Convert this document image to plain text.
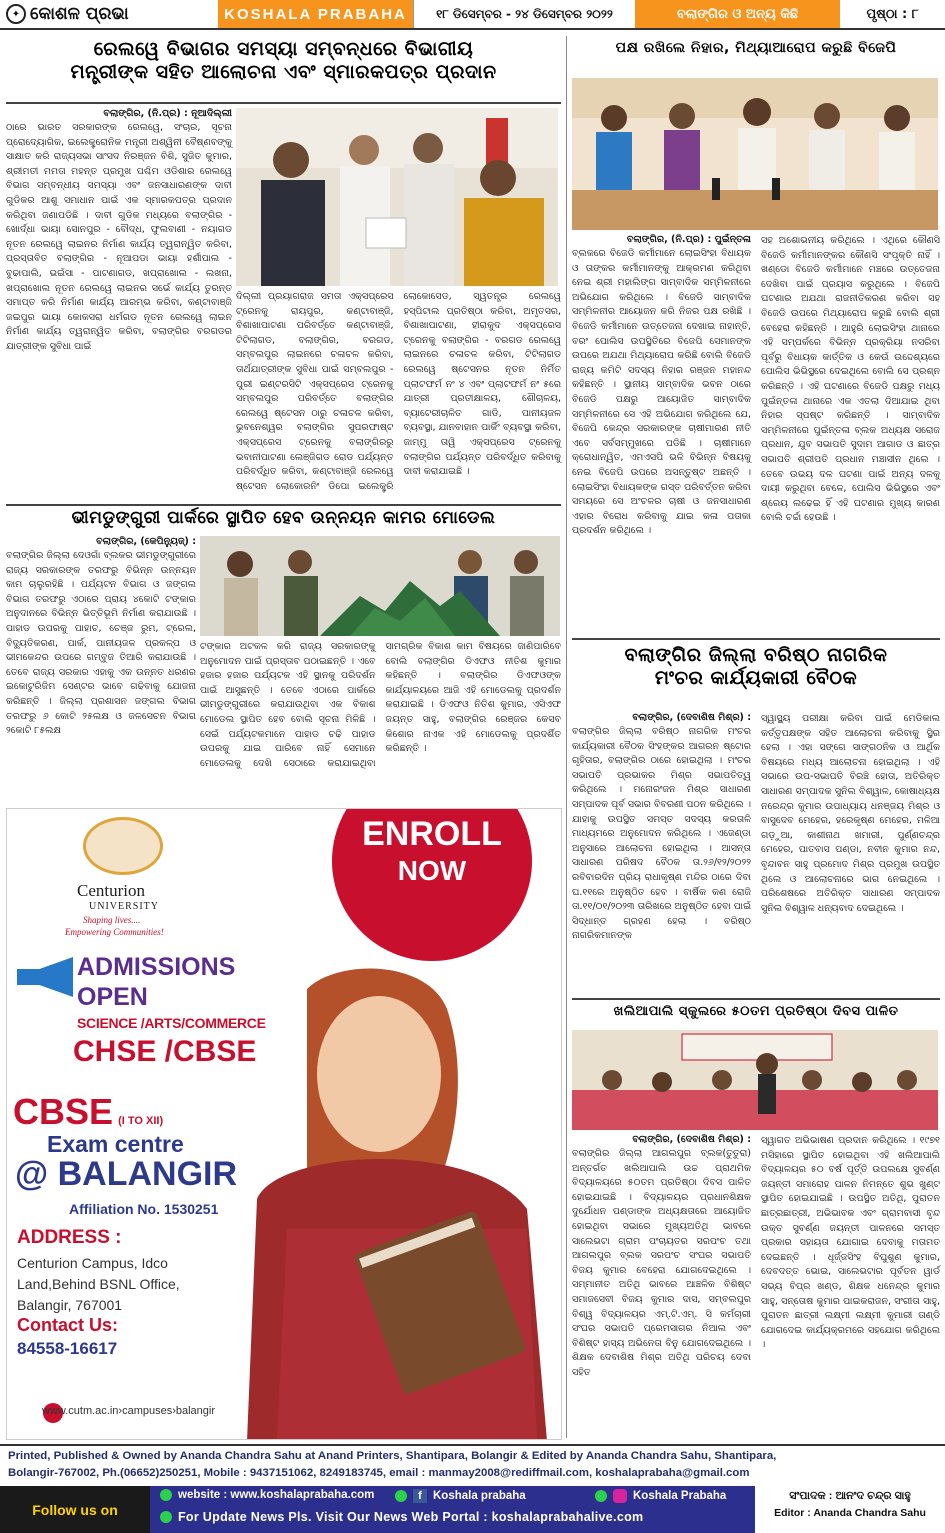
✦ କୋଶଳ ପ୍ରଭା	KOSHALA PRABAHA	୧୮ ଡିସେମ୍ବର - ୨୪ ଡିସେମ୍ବର ୨୦୨୨	ବଲାଙ୍ଗିର ଓ ଅନ୍ୟ କିଛି	ପୃଷ୍ଠା : ୮
ରେଲୱେ ବିଭାଗର ସମସ୍ୟା ସମ୍ବନ୍ଧରେ ବିଭାଗୀୟ
ମନ୍ତ୍ରୀଙ୍କ ସହିତ ଆଲୋଚନା ଏବଂ ସ୍ମାରକପତ୍ର ପ୍ରଦାନ
ବଲାଙ୍ଗିର, (ନି.ପ୍ର) : ନୂଆଦିଲ୍ଲୀ
ଠାରେ ଭାରତ ସରକାରଙ୍କ ରେଲୱେ, ସଂଚାର, ସୂଚନା ପ୍ରୋଦ୍ୟୋଗିକ, ଇଲେକ୍ଟ୍ରୋନିକ ମନ୍ତ୍ରୀ ଅଶ୍ୱିନୀ ବୈଷ୍ଣବଙ୍କୁ ସାକ୍ଷାତ କରି ରାଜ୍ୟସଭା ସାଂସଦ ନିରଞ୍ଜନ ବିଶି, ସୁଜିତ କୁମାର, ଶ୍ରୀମତୀ ମମତା ମହନ୍ତ ପ୍ରମୁଖ ପଶ୍ଚିମ ଓଡିଶାର ରେଲୱେ ବିଭାଗ ସମ୍ବନ୍ଧୀୟ ସମସ୍ୟା ଏବଂ ଜନସାଧାରଣଙ୍କ ଦାବୀ ଗୁଡିକର ଆଶୁ ସମାଧାନ ପାଇଁ ଏକ ସ୍ମାରକପତ୍ର ପ୍ରଦାନ କରିଥିବା ଜଣାପଡିଛି । ଦାବୀ ଗୁଡିକ ମଧ୍ୟରେ ବଲାଙ୍ଗିର - ଖୋର୍ଦ୍ଧା ଭାୟା ସୋନପୁର - ବୌଦ୍ଧ, ଫୁଲବାଣୀ - ନୟାଗଡ ନୂତନ ରେଲୱେ ଲାଇନର ନିର୍ମାଣ କାର୍ଯ୍ୟ ତ୍ୱରାନ୍ୱିତ କରିବା, ପ୍ରସ୍ତାବିତ ବଲାଙ୍ଗିର - ନୂଆପଡା ଭାୟା ହର୍ଶୀପାଲ - ବୁଢାପାଲି, ଭଇଁସା - ପାଟଣାଗଡ, ଖପ୍ରାଖୋଲ - ଲଖନା, ଖପ୍ରାଖୋଲ ନୂତନ ରେଲୱେ ଲାଇନର ସର୍ଭେ କାର୍ଯ୍ୟ ତୁରନ୍ତ ସମାପ୍ତ କରି ନିର୍ମାଣ କାର୍ଯ୍ୟ ଆରମ୍ଭ କରିବା, କଣ୍ଟାବାଞ୍ଜି ଜଇପୁର ଭାୟା କୋକସରା ଧର୍ମଗଡ ନୂତନ ରେଲୱେ ଲାଇନ ନିର୍ମାଣ କାର୍ଯ୍ୟ ତ୍ୱରାନ୍ୱିତ କରିବା, ବଲାଙ୍ଗିର ବରଗଡର ଯାତ୍ରୀଙ୍କ ସୁବିଧା ପାଇଁ
ଦିଲ୍ଲୀ ପ୍ରୟାଗରାଜ ସମତା ଏକ୍ସପ୍ରେସ ଟ୍ରେନକୁ ରାୟପୁର, କଣ୍ଟାବାଞ୍ଜି, ବିଶାଖାପାଟଣା ପରିବର୍ତ୍ତେ କଣ୍ଟାବାଞ୍ଜି, ଟିଟିଲାଗଡ, ବଲାଙ୍ଗିର, ବରଗଡ, ସମ୍ବଲପୁର ଲାଇନରେ ଚଳାଚଳ କରିବା, ତାର୍ଥଯାତ୍ରୀଙ୍କ ସୁବିଧା ପାଇଁ ସମ୍ବଲପୁର - ପୁରୀ ଇଣ୍ଟରସିଟି ଏକ୍ସପ୍ରେସ ଟ୍ରେନକୁ ସମ୍ବଲପୁର ପରିବର୍ତ୍ତେ ବଲାଙ୍ଗିର ରେଲୱେ ଷ୍ଟେସନ ଠାରୁ ଚଳାଚଳ କରିବା, ଭୁବନେଶ୍ୱର ବଲାଙ୍ଗିର ସୁପରଫାଷ୍ଟ ଏକ୍ସପ୍ରେସ ଟ୍ରେନକୁ ବଲାଙ୍ଗିରରୁ ଭବାନୀପାଟଣା ଲେଞ୍ଜିଗଡ ରୋଡ ପର୍ଯ୍ୟନ୍ତ ପରିବର୍ଦ୍ଧିତ କରିବା, କଣ୍ଟାବାଞ୍ଜି ରେଲୱେ ଷ୍ଟେସନ ଲୋକୋରନିଂ ଡିପୋ ଇଲେକ୍ଟ୍ରି ଲୋକୋସେଡ, ସ୍ୱତନ୍ତ୍ର ରେଲୱେ ହସ୍ପିଟାଲ ପ୍ରତିଷ୍ଠା କରିବା, ଅମୃତସର, ବିଶାଖାପାଟଣା, ହୀରାକୁଦ ଏକ୍ସପ୍ରେସ ଟ୍ରେନକୁ ବଲାଙ୍ଗିର - ବରଗଡ ରେଲୱେ ଲାଇନରେ ଚଳାଚଳ କରିବା, ଟିଟିଲାଗଡ ରେଲୱେ ଷ୍ଟେସନର ନୂତନ ନିର୍ମିତ ପ୍ଲାଟଫର୍ମ ନଂ ୪ ଏବଂ ପ୍ଲାଟଫର୍ମ ନଂ ୫ରେ ଯାତ୍ରୀ ପ୍ରତୀକ୍ଷାଳୟ, ଶୌଚାଳୟ, ବ୍ୟାଟେରୀଚାଳିତ ଗାଡି, ପାନୀୟଜଳ ବ୍ୟବସ୍ଥା, ଯାନବାହାନ ପାର୍କିଂ ବ୍ୟବସ୍ଥା କରିବା, ଜାମ୍ମୁ ତାୱି ଏକ୍ସପ୍ରେସ ଟ୍ରେନକୁ ବଲାଙ୍ଗିର ପର୍ଯ୍ୟନ୍ତ ପରିବର୍ଦ୍ଧିତ କରିବାକୁ ଦାବୀ କରାଯାଇଛି ।
ଭୀମଡୁଙ୍ଗୁରୀ ପାର୍କରେ ସ୍ଥାପିତ ହେବ ଉନ୍ନୟନ କାମର ମୋଡେଲ
ବଲାଙ୍ଗିର, (କେପିନ୍ୟୁଜ୍) :
ବଲାଙ୍ଗିର ଜିଲ୍ଲା ଦେଓଗାଁ ବ୍ଲକର ଭୀମଡୁଙ୍ଗୁରୀରେ ରାଜ୍ୟ ସରକାରଙ୍କ ତରଫରୁ ବିଭିନ୍ନ ଉନ୍ନୟନ କାମ ଚାଲୁରହିଛି । ପର୍ଯ୍ୟଟନ ବିଭାଗ ଓ ଜଙ୍ଗଲ ବିଭାଗ ତରଫରୁ ଏଠାରେ ପ୍ରାୟ ୪କୋଟି ଟଙ୍କାର ଅନୁଦାନରେ ବିଭିନ୍ନ ଭିତ୍ତିଭୂମି ନିର୍ମାଣ କରାଯାଉଛି । ପାହାଡ ଉପରକୁ ପାହାଚ, ଚେଞ୍ଜ ରୁମ, ଟ୍ରେଲ, ବିଦ୍ୟୁତିକରଣ, ପାର୍କ, ପାନୀୟଜଳ ପ୍ରକଳ୍ପ ଓ ଭୀମକେନ୍ଦର ଉପରେ ଗମ୍ବୁଜ ତିଆରି କରାଯାଉଛି । ତେବେ ରାଜ୍ୟ ସରକାର ଏହାକୁ ଏକ ଉନ୍ନତ ଧରଣର ଇକୋଟୁରିଜିମ ସେଣ୍ଟର ଭାବେ ଗଢିବାକୁ ଯୋଜନା କରିଛନ୍ତି । ଜିଲ୍ଲା ପ୍ରଶାସନ ଜଙ୍ଗଲ ବିଭାଗ ତରଫରୁ ୬ କୋଟି ୨୫ଲକ୍ଷ ଓ ଜଳସେଚନ ବିଭାଗ ୨କୋଟି ୮୫ଲକ୍ଷ
ଟଙ୍କାର ଅଟକଳ କରି ରାଜ୍ୟ ସରକାରଙ୍କୁ ଅନୁମୋଦନ ପାଇଁ ପ୍ରସ୍ତାବ ପଠାଇଛନ୍ତି । ଏବେ ହଜାର ହଜାର ପର୍ଯ୍ୟଟକ ଏହି ସ୍ଥାନକୁ ପରିଦର୍ଶନ ପାଇଁ ଆସୁଛନ୍ତି । ତେବେ ଏଠାରେ ପାର୍କରେ ଭୀମଡୁଙ୍ଗୁରୀରେ କରାଯାଉଥିବା ଏକ ବିକାଶ ମୋଡେଲ ସ୍ଥାପିତ ହେବ ବୋଲି ସୂଚନା ମିଳିଛି । ସେଇଁ ପର୍ଯ୍ୟଟକମାନେ ପାହାଡ ଚଢି ପାହାଡ ଉପରକୁ ଯାଇ ପାରିବେ ନାହିଁ ସେମାନେ ମୋଡେଲକୁ ଦେଖି ସେଠାରେ କରାଯାଇଥିବା ସାମଗ୍ରିକ ବିକାଶ କାମ ବିଷୟରେ ଜାଣିପାରିବେ ବୋଲି ବଲାଙ୍ଗିର ଡିଏଫଓ ନୀତିଶ କୁମାର କହିଛନ୍ତି । ବଲାଙ୍ଗିର ଡିଏଫଓଙ୍କ କାର୍ଯ୍ୟାଳୟରେ ଆଜି ଏହି ମୋଡେଲକୁ ପ୍ରଦର୍ଶନ କରାଯାଇଛି । ଡିଏଫଓ ନିତିଶ କୁମାର, ଏସିଏଫ ଜୟନ୍ତ ସାହୁ, ବଲାଙ୍ଗିର ରେଞ୍ଜର କେସବ କିଶୋର ନାଏକ ଏହି ମୋଡେଲକୁ ପ୍ରଦର୍ଶିତ କରିଛନ୍ତି ।
Centurion
UNIVERSITY
Shaping lives....
Empowering Communities!
ENROLL
NOW
ADMISSIONS
OPEN
SCIENCE /ARTS/COMMERCE
CHSE /CBSE
CBSE (I TO XII)
Exam centre
@ BALANGIR
Affiliation No. 1530251
ADDRESS :
Centurion Campus, Idco
Land,Behind BSNL Office,
Balangir, 767001
Contact Us:
84558-16617
www.cutm.ac.in›campuses›balangir
ପକ୍ଷ ରଖିଲେ ନିହାର, ମିଥ୍ୟାଆରୋପ କରୁଛି ବିଜେପି
ବଲାଙ୍ଗିର, (ନି.ପ୍ର) : ପୁଇଁନ୍ତଳା
ବ୍ଲକରେ ବିଜେଡି କର୍ମୀମାନେ ଲୋଇସିଂହା ବିଧାୟକ ଓ ତାଙ୍କର କର୍ମୀମାନଙ୍କୁ ଆକ୍ରମଣ କରିଥିବା ନେଇ ଶ୍ରୀ ମହାଲିଙ୍ଗ ସାମ୍ବାଦିକ ସମ୍ମିଳନୀରେ ଅଭିଯୋଗ କରିଥିଲେ । ବିଜେଡି ସାମ୍ବାଦିକ ସମ୍ମିଳନୀର ଆୟୋଜନ କରି ନିଜର ପକ୍ଷ ରଖିଛି । ବିଜେଡି କର୍ମୀମାନେ ଉତ୍ତେଜନା ଦେଖାଇ ନାହାନ୍ତି, ବରଂ ପୋଲିସ ଉପସ୍ଥିତିରେ ବିଜେପି ସେମାନଙ୍କ ଉପରେ ଅଯଥା ମିଥ୍ୟାରୋପ କରିଛି ବୋଲି ବିଜେଡି ରାଜ୍ୟ କମିଟି ସଦସ୍ୟ ନିହାର ରଞ୍ଜନ ମହାନନ୍ଦ କହିଛନ୍ତି । ସ୍ଥାନୀୟ ସାମ୍ବାଦିକ ଭବନ ଠାରେ ବିଜେଡି ପକ୍ଷରୁ ଆୟୋଜିତ ସାମ୍ବାଦିକ ସମ୍ମିଳନୀରେ ସେ ଏହି ଅଭିଯୋଗ କରିଥିଲେ ଯେ, ବିଜେପି କେନ୍ଦ୍ର ସରକାରଙ୍କ ଚାଷୀମାରଣ ନୀତି ଏବେ ସର୍ବସମ୍ମୁଖରେ ପଡିଛି । ଚାଷୀମାନେ କ୍ରୋଧାନ୍ୱିତ, ଏମଏସପି ଭଳି ବିଭିନ୍ନ ବିଷୟକୁ ନେଇ ବିଜେପି ଉପରେ ଅସନ୍ତୁଷ୍ଟ ଅଛନ୍ତି । ଲୋଇସିଂହା ବିଧାୟକଙ୍କ ଗସ୍ତ ପରିବର୍ତ୍ତନ କରିବା ସମୟରେ ସେ ଅଂଚଳର ଚାଷୀ ଓ ଜନସାଧାରଣ ଏହାର ବିରୋଧ କରିବାକୁ ଯାଇ କଳା ପତାକା ପ୍ରଦର୍ଶନ କରିଥିଲେ ।
ସହ ଅଶୋଭନୀୟ କରିଥିଲେ । ଏଥିରେ କୌଣସି ବିଜେଡି କର୍ମୀମାନଙ୍କର କୌଣସି ସଂପୃକ୍ତି ନାହିଁ । ଖଣ୍ଡୋ ବିଜେଡି କର୍ମୀମାନେ ମଞ୍ଚରେ ଉତ୍ତେଜନା ଦେଖିବା ପାଇଁ ପ୍ରୟାସ କରୁଥିଲେ । ବିଜେପି ଘଟଣାର ଅଯଥା ରାଜନୀତିକରଣ କରିବା ସହ ବିଜେଡି ଉପରେ ମିଥ୍ୟାରୋପ କରୁଛି ବୋଲି ଶ୍ରୀ ବେହେରା କହିଛନ୍ତି । ଆହୁରି ଲୋଇସିଂହା ଥାନାରେ ଏହି ସମ୍ପର୍କରେ ବିଭିନ୍ନ ପ୍ରକ୍ରିୟା ନସରିବା ପୂର୍ବରୁ ବିଧାୟକ କାର୍ତ୍ତିକ ଓ କେଉଁ ଉଦ୍ଦେଶ୍ୟରେ ପୋଲିସ ଭିଭିସ୍ଥରେ ଦେଇଥିଲେ ବୋଲି ସେ ପ୍ରଶ୍ନ କରିଛନ୍ତି । ଏହି ଘଟଣାରେ ବିଜେଡି ପକ୍ଷରୁ ମଧ୍ୟ ପୁଇଁନ୍ତଳା ଥାନାରେ ଏକ ଏତଲା ଦିଆଯାଇ ଥିବା ନିହାର ସ୍ପଷ୍ଟ କରିଛନ୍ତି । ସାମ୍ବାଦିକ ସମ୍ମିଳନୀରେ ପୁଇଁନ୍ତଳା ବ୍ଲକ ଅଧ୍ୟକ୍ଷ ସରୋଜ ପ୍ରଧାନ, ଯୁବ ସଭାପତି ସୁଦାମ ଆଗାଡ ଓ ଛାତ୍ର ସଭାପତି ଶ୍ରୀପତି ପ୍ରଧାନ ମଞ୍ଚାସୀନ ଥିଲେ । ତେବେ ଉଭୟ ଦଳ ଘଟଣା ପାଇଁ ଅନ୍ୟ ଦଳକୁ ଦାୟୀ କରୁଥିବା ବେଳେ, ପୋଲିସ ଭିଭିସ୍ଥରେ ଏବଂ ଶ୍ରେୟ ଲଢେଇ ହିଁ ଏହି ଘଟଣାର ମୁଖ୍ୟ କାରଣ ବୋଲି ଚର୍ଚ୍ଚା ହେଉଛି ।
ବଲାଙ୍ଗିର ଜିଲ୍ଲା ବରିଷ୍ଠ ନାଗରିକ
ମଂଚର କାର୍ଯ୍ୟକାରୀ ବୈଠକ
ବଲାଙ୍ଗିର, (ଦେବାଶିଷ ମିଶ୍ର) :
ବଲାଙ୍ଗିର ଜିଲ୍ଲା ବରିଷ୍ଠ ନାଗରିକ ମଂଚର କାର୍ଯ୍ୟକାରୀ ବୈଠକ ସିଂହଙ୍କର ଆଗରନ ଷ୍ଟୋର ଗୃହିତାର, ବଲାଙ୍ଗିର ଠାରେ ହୋଇଥିଲା । ମଂଚର ସଭାପତି ପ୍ରଭାକର ମିଶ୍ର ସଭାପତିତ୍ୱ କରିଥିଲେ । ମନୋରଂଜନ ମିଶ୍ର ସାଧାରଣ ସମ୍ପାଦକ ପୂର୍ବ ସଭାର ବିବରଣୀ ପଠନ କରିଥିଲେ । ଯାହାକୁ ଉପସ୍ଥିତ ସମସ୍ତ ସଦସ୍ୟ କରତାଳି ମାଧ୍ୟମରେ ଅନୁମୋଦନ କରିଥିଲେ । ଏଜେଣ୍ଡା ଅନୁସାରେ ଆଲୋଚନା ହୋଇଥିଲା । ଆସନ୍ତା ସାଧାରଣ ପରିଷଦ ବୈଠକ ତା.୨୬/୧୨/୨୦୨୨ ରବିବାରଦିନ ପ୍ରିୟ ରାଧାକୃଷ୍ଣ ମନ୍ଦିର ଠାରେ ଦିବା ଘ.୧୧ରେ ଅନୁଷ୍ଠିତ ହେବ । ବାର୍ଷିକ କଣ ରୋଜି ତା.୧୧/୦୧/୨୦୨୩ ତାରିଖରେ ଅନୁଷ୍ଠିତ ହେବା ପାଇଁ ସିଦ୍ଧାନ୍ତ ଗ୍ରହଣ ହେଲା । ବରିଷ୍ଠ ନାଗରିକମାନଙ୍କ
ସ୍ୱାସ୍ଥ୍ୟ ପରୀକ୍ଷା କରିବା ପାଇଁ ମେଡିକାଲ କର୍ତ୍ତୃପକ୍ଷଙ୍କ ସହିତ ଆଲୋଚନା କରିବାକୁ ସ୍ଥିର ହେଲା । ଏହା ସଙ୍ଗେ ସାଙ୍ଗଠନିକ ଓ ଆର୍ଥିକ ବିଷୟରେ ମଧ୍ୟ ଆଲୋଚନା ହୋଇଥିଲା । ଏହି ସଭାରେ ଉପ-ସଭାପତି ବିରଞ୍ଚି ହୋତା, ଅତିରିକ୍ତ ସାଧାରଣ ସମ୍ପାଦକ ସୁନିଲ ବିଶ୍ୱାଳ, କୋଷାଧ୍ୟକ୍ଷ ନରେନ୍ଦ୍ର କୁମାର ଉପାଧ୍ୟାୟ ଧନଞ୍ଜୟ ମିଶ୍ର ଓ ବାସୁଦେବ ମେହେର, ହରେକୃଷ୍ଣ ମେହେର, ମଳିଆ ଗଡ଼ୁଆ, କାଶୀନାଥ ଖମାରୀ, ପୁର୍ଣ୍ଣଚନ୍ଦ୍ର ମେହେର, ପାତବାସ ପଣ୍ଡା, ନବୀନ କୁମାର ନନ୍ଦ, ବୃନ୍ଦାବନ ସାହୁ ପ୍ରମୋଦ ମିଶ୍ର ପ୍ରମୁଖ ଉପସ୍ଥିତ ଥିଲେ ଓ ଆଲୋଚନାରେ ଭାଗ ନେଇଥିଲେ । ପରିଶେଷରେ ଅତିରିକ୍ତ ସାଧାରଣ ସମ୍ପାଦକ ସୁନିଲ ବିଶ୍ୱାଳ ଧନ୍ୟବାଦ ଦେଇଥିଲେ ।
ଖଲିଆପାଲି ସ୍କୁଲରେ ୫୦ତମ ପ୍ରତିଷ୍ଠା ଦିବସ ପାଳିତ
ବଲାଙ୍ଗିର, (ଦେବାଶିଷ ମିଶ୍ର) :
ବଲାଙ୍ଗିର ଜିଲ୍ଲା ଆଗଲପୁର ବ୍ଲକ(ତୁତୁରା) ଅନ୍ତର୍ଗତ ଖଲିଆପାଲି ଉଚ୍ଚ ପ୍ରାଥମିକ ବିଦ୍ୟାଳୟରେ ୫୦ତମ ପ୍ରତିଷ୍ଠା ଦିବସ ପାଳିତ ହୋଇଯାଇଛି । ବିଦ୍ୟାଳୟର ପ୍ରଧାନଶିକ୍ଷକ ଦୁର୍ଯୋଧନ ପଣ୍ଡାଙ୍କ ଅଧ୍ୟକ୍ଷତାରେ ଆୟୋଜିତ ହୋଇଥିବା ସଭାରେ ମୁଖ୍ୟଅତିଥି ଭାବରେ ସାଲେଭଟା ଗ୍ରାମ ପଂଚାୟତର ସରପଂଚ ତଥା ଆଗଲପୁର ବ୍ଲକ ସରପଂଚ ସଂଘର ସଭାପତି ବିଜୟ କୁମାର ବେହେରା ଯୋଗଦେଇଥିଲେ । ସମ୍ମାନୀତ ଅତିଥି ଭାବରେ ଆଞ୍ଚଳିକ ବିଶିଷ୍ଟ ସମାଜସେବୀ ବିଜୟ କୁମାର ଦାସ, ସମ୍ବଲପୁର ବିଶ୍ୱ ବିଦ୍ୟାଳୟର ଏମ୍.ଟି.ଏମ୍. ସି କର୍ମଚାରୀ ସଂଘର ସଭାପତି ପ୍ରେମସାଗର ନିଆଲ ଏବଂ ବିଶିଷ୍ଟ ହାସ୍ୟ ଅଭିନେତା ବିନୁ ଯୋଗଦେଇଥିଲେ । ଶିକ୍ଷକ ଦେବାଶିଷ ମିଶ୍ର ଅତିଥି ପରିଚୟ ଦେବା ସହିତ
ସ୍ୱାଗତ ଅଭିଭାଷଣ ପ୍ରଦାନ କରିଥିଲେ । ୧୯୭୧ ମସିହାରେ ସ୍ଥାପିତ ହୋଇଥିବା ଏହି ଖଲିଆପାଲି ବିଦ୍ୟାଳୟର ୫୦ ବର୍ଷ ପୂର୍ତ୍ତି ଉପଲକ୍ଷେ ସୁବର୍ଣ୍ଣ ଜୟନ୍ତୀ ସମାରୋହ ପାଳନ ନିମନ୍ତେ ଶୁଭ ଖୁଣ୍ଟ ସ୍ଥାପିତ ହୋଇଯାଇଛି । ଉପସ୍ଥିତ ଅତିଥି, ପୁରାତନ ଛାତ୍ରଛାତ୍ରୀ, ଅଭିଭାବକ ଏବଂ ଗ୍ରାମବାସୀ ବୃନ୍ଦ ଉକ୍ତ ସୁବର୍ଣ୍ଣ ଜୟନ୍ତୀ ପାଳନରେ ସମସ୍ତ ପ୍ରକାର ସହାୟତା ଯୋଗାଇ ଦେବାକୁ ମତାମତ ଦେଇଛନ୍ତି । ଧୂର୍ଜ୍ଜସିଂହ ବିଘୁଶୁଣ କୁମାର, ଦେବଦତ୍ତ ଭୋଇ, ସାଲେଭଟାର ପୂର୍ବତନ ୱାର୍ଡ ସଭ୍ୟ ବିପ୍ର ଖଣ୍ଡ, ଶିକ୍ଷକ ଧନେନ୍ଦ୍ର କୁମାର ସାହୁ, ସନ୍ତୋଷ କୁମାର ପାଇକରାଜନ, ସଂଗୀତା ସାହୁ, ପୁରାତନ ଛାତ୍ରୀ ଲକ୍ଷ୍ମୀ ଲକ୍ଷ୍ମୀ କୁମାରୀ ତାଣ୍ଡି ଯୋଗଦେଇ କାର୍ଯ୍ୟକ୍ରମରେ ସହଯୋଗ କରିଥିଲେ ।
Printed, Published & Owned by Ananda Chandra Sahu at Anand Printers, Shantipara, Bolangir & Edited by Ananda Chandra Sahu, Shantipara,
Bolangir-767002, Ph.(06652)250251, Mobile : 9437151062, 8249183745, email : manmay2008@rediffmail.com, koshalaprabaha@gmail.com
Follow us on
website : www.koshalaprabaha.com	f Koshala prabaha	Koshala Prabaha
For Update News Pls. Visit Our News Web Portal : koshalaprabahalive.com
ସଂପାଦକ : ଆନଂଦ ଚନ୍ଦ୍ର ସାହୁ
Editor : Ananda Chandra Sahu
